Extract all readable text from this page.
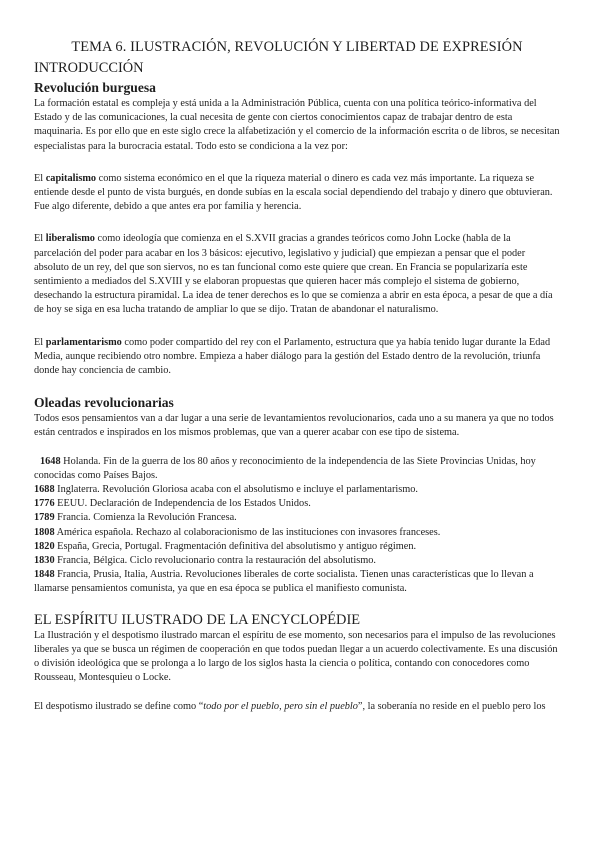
TEMA 6. ILUSTRACIÓN, REVOLUCIÓN Y LIBERTAD DE EXPRESIÓN
INTRODUCCIÓN
Revolución burguesa

La formación estatal es compleja y está unida a la Administración Pública, cuenta con una política teórico-informativa del Estado y de las comunicaciones, la cual necesita de gente con ciertos conocimientos capaz de trabajar dentro de esta maquinaria. Es por ello que en este siglo crece la alfabetización y el comercio de la información escrita o de libros, se necesitan especialistas para la burocracia estatal. Todo esto se condiciona a la vez por:

El capitalismo como sistema económico en el que la riqueza material o dinero es cada vez más importante. La riqueza se entiende desde el punto de vista burgués, en donde subías en la escala social dependiendo del trabajo y dinero que obtuvieran. Fue algo diferente, debido a que antes era por familia y herencia.

El liberalismo como ideología que comienza en el S.XVII gracias a grandes teóricos como John Locke (habla de la parcelación del poder para acabar en los 3 básicos: ejecutivo, legislativo y judicial) que empiezan a pensar que el poder absoluto de un rey, del que son siervos, no es tan funcional como este quiere que crean. En Francia se popularizaría este sentimiento a mediados del S.XVIII y se elaboran propuestas que quieren hacer más complejo el sistema de gobierno, desechando la estructura piramidal. La idea de tener derechos es lo que se comienza a abrir en esta época, a pesar de que a día de hoy se siga en esa lucha tratando de ampliar lo que se dijo. Tratan de abandonar el naturalismo.

El parlamentarismo como poder compartido del rey con el Parlamento, estructura que ya había tenido lugar durante la Edad Media, aunque recibiendo otro nombre. Empieza a haber diálogo para la gestión del Estado dentro de la revolución, triunfa donde hay conciencia de cambio.

Oleadas revolucionarias

Todos esos pensamientos van a dar lugar a una serie de levantamientos revolucionarios, cada uno a su manera ya que no todos están centrados e inspirados en los mismos problemas, que van a querer acabar con ese tipo de sistema.

1648 Holanda. Fin de la guerra de los 80 años y reconocimiento de la independencia de las Siete Provincias Unidas, hoy conocidas como Países Bajos.
1688 Inglaterra. Revolución Gloriosa acaba con el absolutismo e incluye el parlamentarismo.
1776 EEUU. Declaración de Independencia de los Estados Unidos.
1789 Francia. Comienza la Revolución Francesa.
1808 América española. Rechazo al colaboracionismo de las instituciones con invasores franceses.
1820 España, Grecia, Portugal. Fragmentación definitiva del absolutismo y antiguo régimen.
1830 Francia, Bélgica. Ciclo revolucionario contra la restauración del absolutismo.
1848 Francia, Prusia, Italia, Austria. Revoluciones liberales de corte socialista. Tienen unas características que lo llevan a llamarse pensamientos comunista, ya que en esa época se publica el manifiesto comunista.
EL ESPÍRITU ILUSTRADO DE LA ENCYCLOPÉDIE

La Ilustración y el despotismo ilustrado marcan el espíritu de ese momento, son necesarios para el impulso de las revoluciones liberales ya que se busca un régimen de cooperación en que todos puedan llegar a un acuerdo colectivamente. Es una discusión o división ideológica que se prolonga a lo largo de los siglos hasta la ciencia o política, contando con conocedores como Rousseau, Montesquieu o Locke.

El despotismo ilustrado se define como “todo por el pueblo, pero sin el pueblo”, la soberanía no reside en el pueblo pero los
